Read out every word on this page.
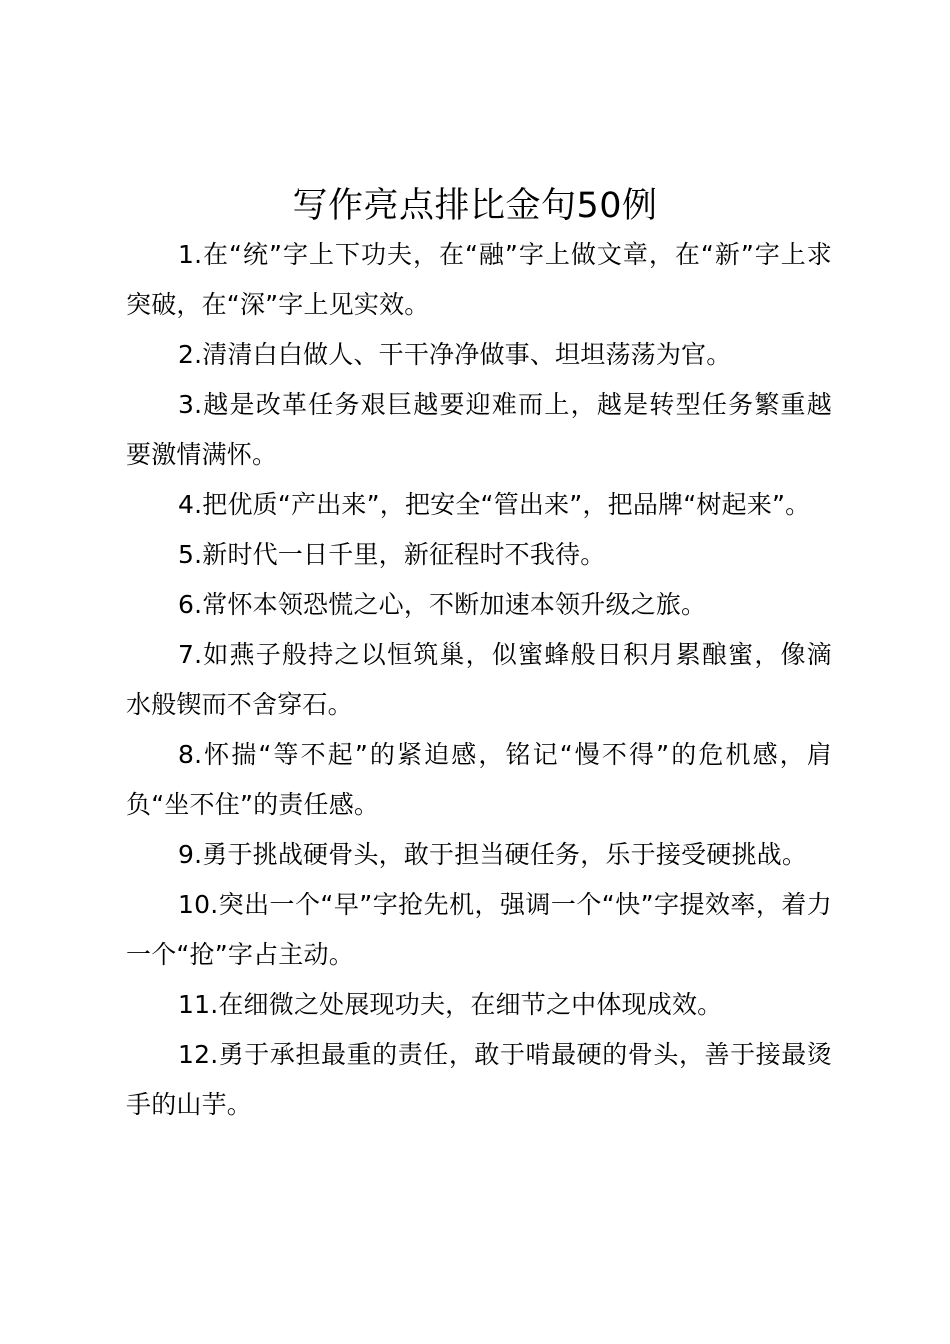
写作亮点排比金句50例

1.在“统”字上下功夫，在“融”字上做文章，在“新”字上求突破，在“深”字上见实效。

2.清清白白做人、干干净净做事、坦坦荡荡为官。

3.越是改革任务艰巨越要迎难而上，越是转型任务繁重越要激情满怀。

4.把优质“产出来”，把安全“管出来”，把品牌“树起来”。

5.新时代一日千里，新征程时不我待。

6.常怀本领恐慌之心，不断加速本领升级之旅。

7.如燕子般持之以恒筑巢，似蜜蜂般日积月累酿蜜，像滴水般锲而不舍穿石。

8.怀揣“等不起”的紧迫感，铭记“慢不得”的危机感，肩负“坐不住”的责任感。

9.勇于挑战硬骨头，敢于担当硬任务，乐于接受硬挑战。

10.突出一个“早”字抢先机，强调一个“快”字提效率，着力一个“抢”字占主动。

11.在细微之处展现功夫，在细节之中体现成效。

12.勇于承担最重的责任，敢于啃最硬的骨头，善于接最烫手的山芋。
